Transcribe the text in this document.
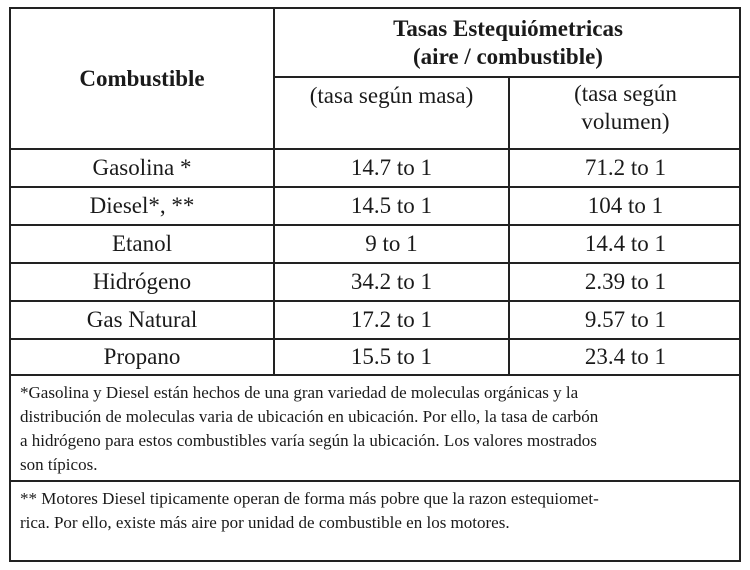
Combustible
Tasas Estequiómetricas
(aire / combustible)
(tasa según masa)	(tasa según
volumen)
Gasolina *	14.7 to 1	71.2 to 1
Diesel*, **	14.5 to 1	104 to 1
Etanol	9 to 1	14.4 to 1
Hidrógeno	34.2 to 1	2.39 to 1
Gas Natural	17.2 to 1	9.57 to 1
Propano	15.5 to 1	23.4 to 1
*Gasolina y Diesel están hechos de una gran variedad de moleculas orgánicas y la
distribución de moleculas varia de ubicación en ubicación. Por ello, la tasa de carbón
a hidrógeno para estos combustibles varía según la ubicación. Los valores mostrados
son típicos.
** Motores Diesel tipicamente operan de forma más pobre que la razon estequiomet-
rica. Por ello, existe más aire por unidad de combustible en los motores.
